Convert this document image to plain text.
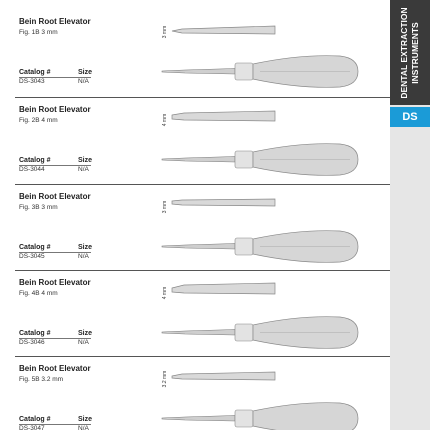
DENTAL EXTRACTION INSTRUMENTS
DS
Bein Root Elevator
Fig. 1B 3 mm	3 mm
Catalog #	Size
DS-3043	N/A
Bein Root Elevator
Fig. 2B 4 mm	4 mm
Catalog #	Size
DS-3044	N/A
Bein Root Elevator
Fig. 3B 3 mm	3 mm
Catalog #	Size
DS-3045	N/A
Bein Root Elevator
Fig. 4B 4 mm	4 mm
Catalog #	Size
DS-3046	N/A
Bein Root Elevator
Fig. 5B 3.2 mm	3.2 mm
Catalog #	Size
DS-3047	N/A
